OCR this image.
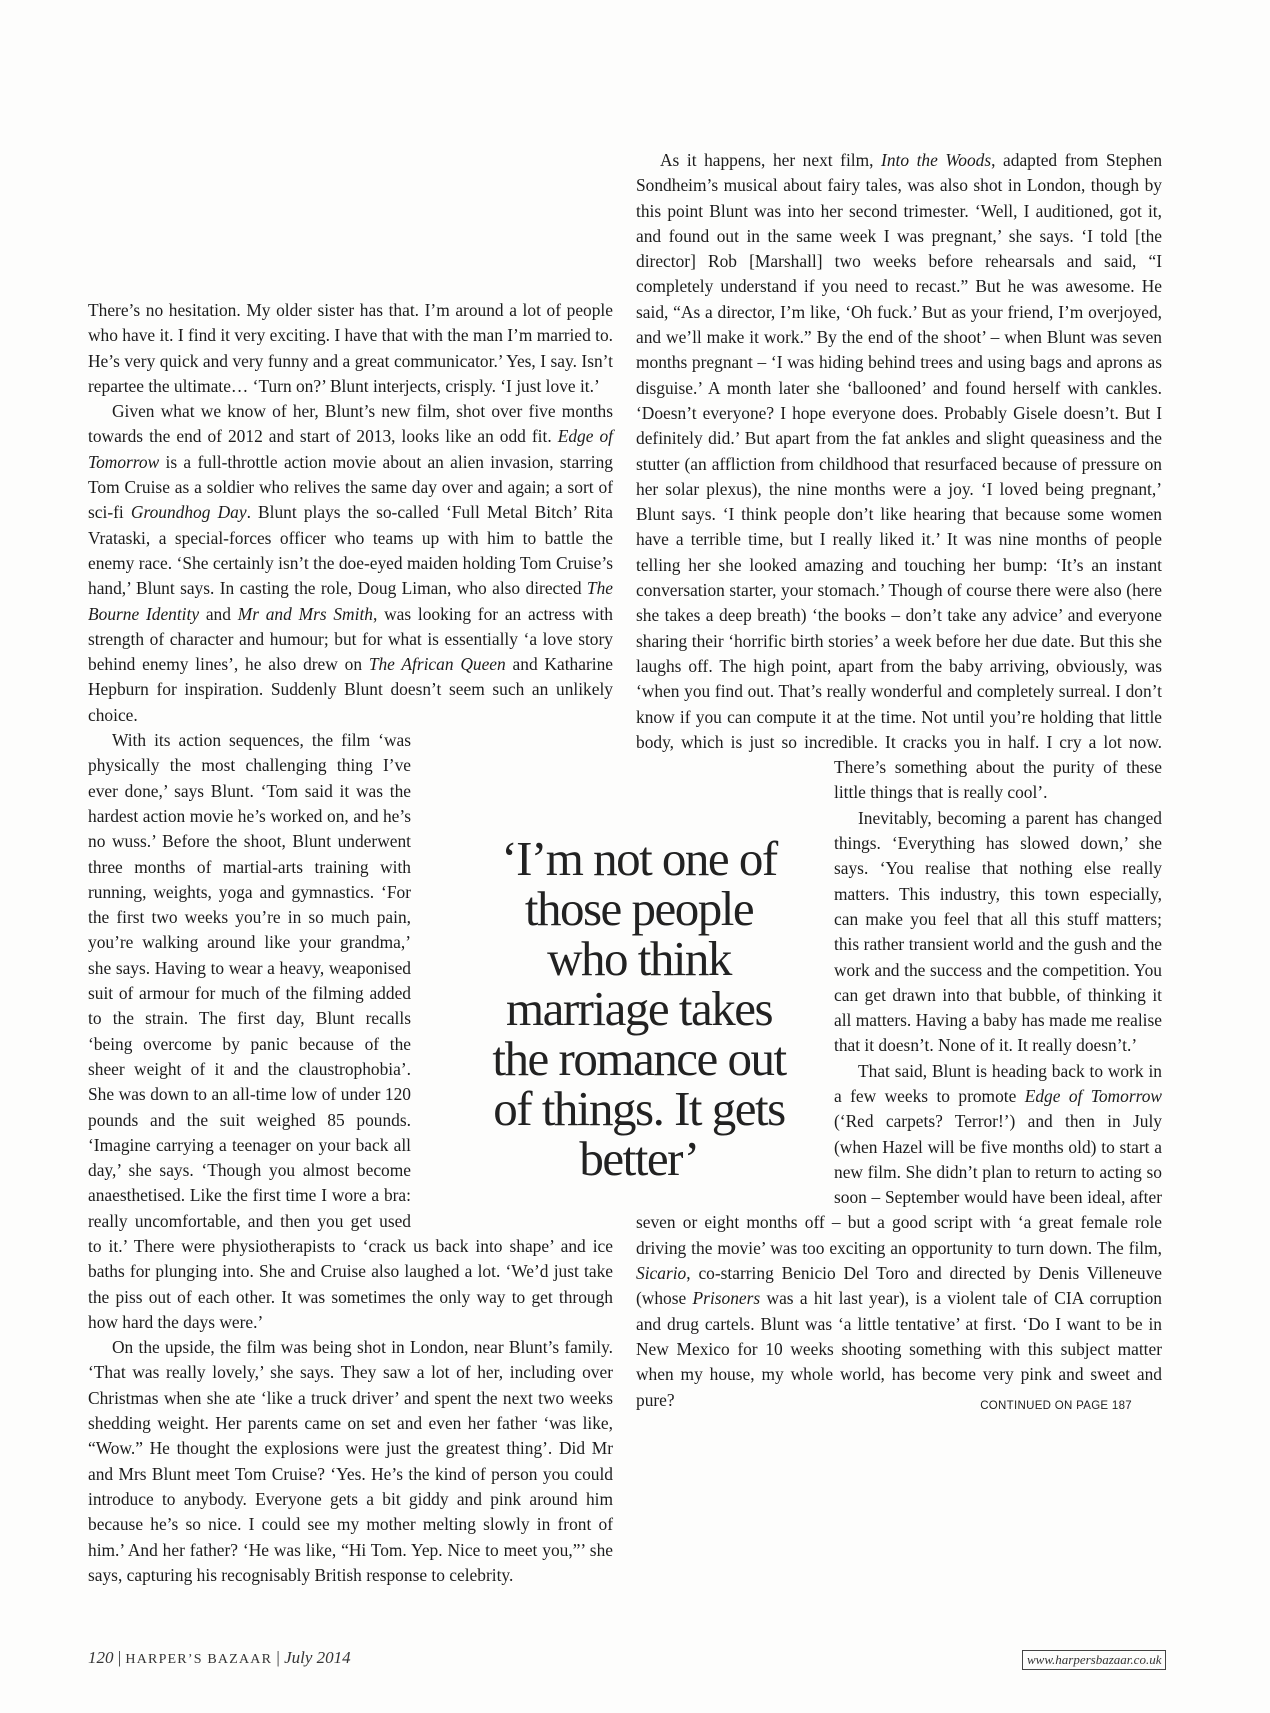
There’s no hesitation. My older sister has that. I’m around a lot of people who have it. I find it very exciting. I have that with the man I’m married to. He’s very quick and very funny and a great communicator.’ Yes, I say. Isn’t repartee the ultimate… ‘Turn on?’ Blunt interjects, crisply. ‘I just love it.’

Given what we know of her, Blunt’s new film, shot over five months towards the end of 2012 and start of 2013, looks like an odd fit. Edge of Tomorrow is a full-throttle action movie about an alien invasion, starring Tom Cruise as a soldier who relives the same day over and again; a sort of sci-fi Groundhog Day. Blunt plays the so-called ‘Full Metal Bitch’ Rita Vrataski, a special-forces officer who teams up with him to battle the enemy race. ‘She certainly isn’t the doe-eyed maiden holding Tom Cruise’s hand,’ Blunt says. In casting the role, Doug Liman, who also directed The Bourne Identity and Mr and Mrs Smith, was looking for an actress with strength of character and humour; but for what is essentially ‘a love story behind enemy lines’, he also drew on The African Queen and Katharine Hepburn for inspiration. Suddenly Blunt doesn’t seem such an unlikely choice.

With its action sequences, the film ‘was physically the most challenging thing I’ve ever done,’ says Blunt. ‘Tom said it was the hardest action movie he’s worked on, and he’s no wuss.’ Before the shoot, Blunt underwent three months of martial-arts training with running, weights, yoga and gymnastics. ‘For the first two weeks you’re in so much pain, you’re walking around like your grandma,’ she says. Having to wear a heavy, weaponised suit of armour for much of the filming added to the strain. The first day, Blunt recalls ‘being overcome by panic because of the sheer weight of it and the claustrophobia’. She was down to an all-time low of under 120 pounds and the suit weighed 85 pounds. ‘Imagine carrying a teenager on your back all day,’ she says. ‘Though you almost become anaesthetised. Like the first time I wore a bra: really uncomfortable, and then you get used to it.’ There were physiotherapists to ‘crack us back into shape’ and ice baths for plunging into. She and Cruise also laughed a lot. ‘We’d just take the piss out of each other. It was sometimes the only way to get through how hard the days were.’

On the upside, the film was being shot in London, near Blunt’s family. ‘That was really lovely,’ she says. They saw a lot of her, including over Christmas when she ate ‘like a truck driver’ and spent the next two weeks shedding weight. Her parents came on set and even her father ‘was like, “Wow.” He thought the explosions were just the greatest thing’. Did Mr and Mrs Blunt meet Tom Cruise? ‘Yes. He’s the kind of person you could introduce to anybody. Everyone gets a bit giddy and pink around him because he’s so nice. I could see my mother melting slowly in front of him.’ And her father? ‘He was like, “Hi Tom. Yep. Nice to meet you,”’ she says, capturing his recognisably British response to celebrity.

As it happens, her next film, Into the Woods, adapted from Stephen Sondheim’s musical about fairy tales, was also shot in London, though by this point Blunt was into her second trimester. ‘Well, I auditioned, got it, and found out in the same week I was pregnant,’ she says. ‘I told [the director] Rob [Marshall] two weeks before rehearsals and said, “I completely understand if you need to recast.” But he was awesome. He said, “As a director, I’m like, ‘Oh fuck.’ But as your friend, I’m overjoyed, and we’ll make it work.” By the end of the shoot’ – when Blunt was seven months pregnant – ‘I was hiding behind trees and using bags and aprons as disguise.’ A month later she ‘ballooned’ and found herself with cankles. ‘Doesn’t everyone? I hope everyone does. Probably Gisele doesn’t. But I definitely did.’ But apart from the fat ankles and slight queasiness and the stutter (an affliction from childhood that resurfaced because of pressure on her solar plexus), the nine months were a joy. ‘I loved being pregnant,’ Blunt says. ‘I think people don’t like hearing that because some women have a terrible time, but I really liked it.’ It was nine months of people telling her she looked amazing and touching her bump: ‘It’s an instant conversation starter, your stomach.’ Though of course there were also (here she takes a deep breath) ‘the books – don’t take any advice’ and everyone sharing their ‘horrific birth stories’ a week before her due date. But this she laughs off. The high point, apart from the baby arriving, obviously, was ‘when you find out. That’s really wonderful and completely surreal. I don’t know if you can compute it at the time. Not until you’re holding that little body, which is just so incredible. It cracks you in half. I cry a lot now. There’s something about the purity of these little things that is really cool’.

Inevitably, becoming a parent has changed things. ‘Everything has slowed down,’ she says. ‘You realise that nothing else really matters. This industry, this town especially, can make you feel that all this stuff matters; this rather transient world and the gush and the work and the success and the competition. You can get drawn into that bubble, of thinking it all matters. Having a baby has made me realise that it doesn’t. None of it. It really doesn’t.’

That said, Blunt is heading back to work in a few weeks to promote Edge of Tomorrow (‘Red carpets? Terror!’) and then in July (when Hazel will be five months old) to start a new film. She didn’t plan to return to acting so soon – September would have been ideal, after seven or eight months off – but a good script with ‘a great female role driving the movie’ was too exciting an opportunity to turn down. The film, Sicario, co-starring Benicio Del Toro and directed by Denis Villeneuve (whose Prisoners was a hit last year), is a violent tale of CIA corruption and drug cartels. Blunt was ‘a little tentative’ at first. ‘Do I want to be in New Mexico for 10 weeks shooting something with this subject matter when my house, my whole world, has become very pink and sweet and pure?	CONTINUED ON PAGE 187

‘I’m not one of those people who think marriage takes the romance out of things. It gets better’
120 | HARPER’S BAZAAR | July 2014	www.harpersbazaar.co.uk
